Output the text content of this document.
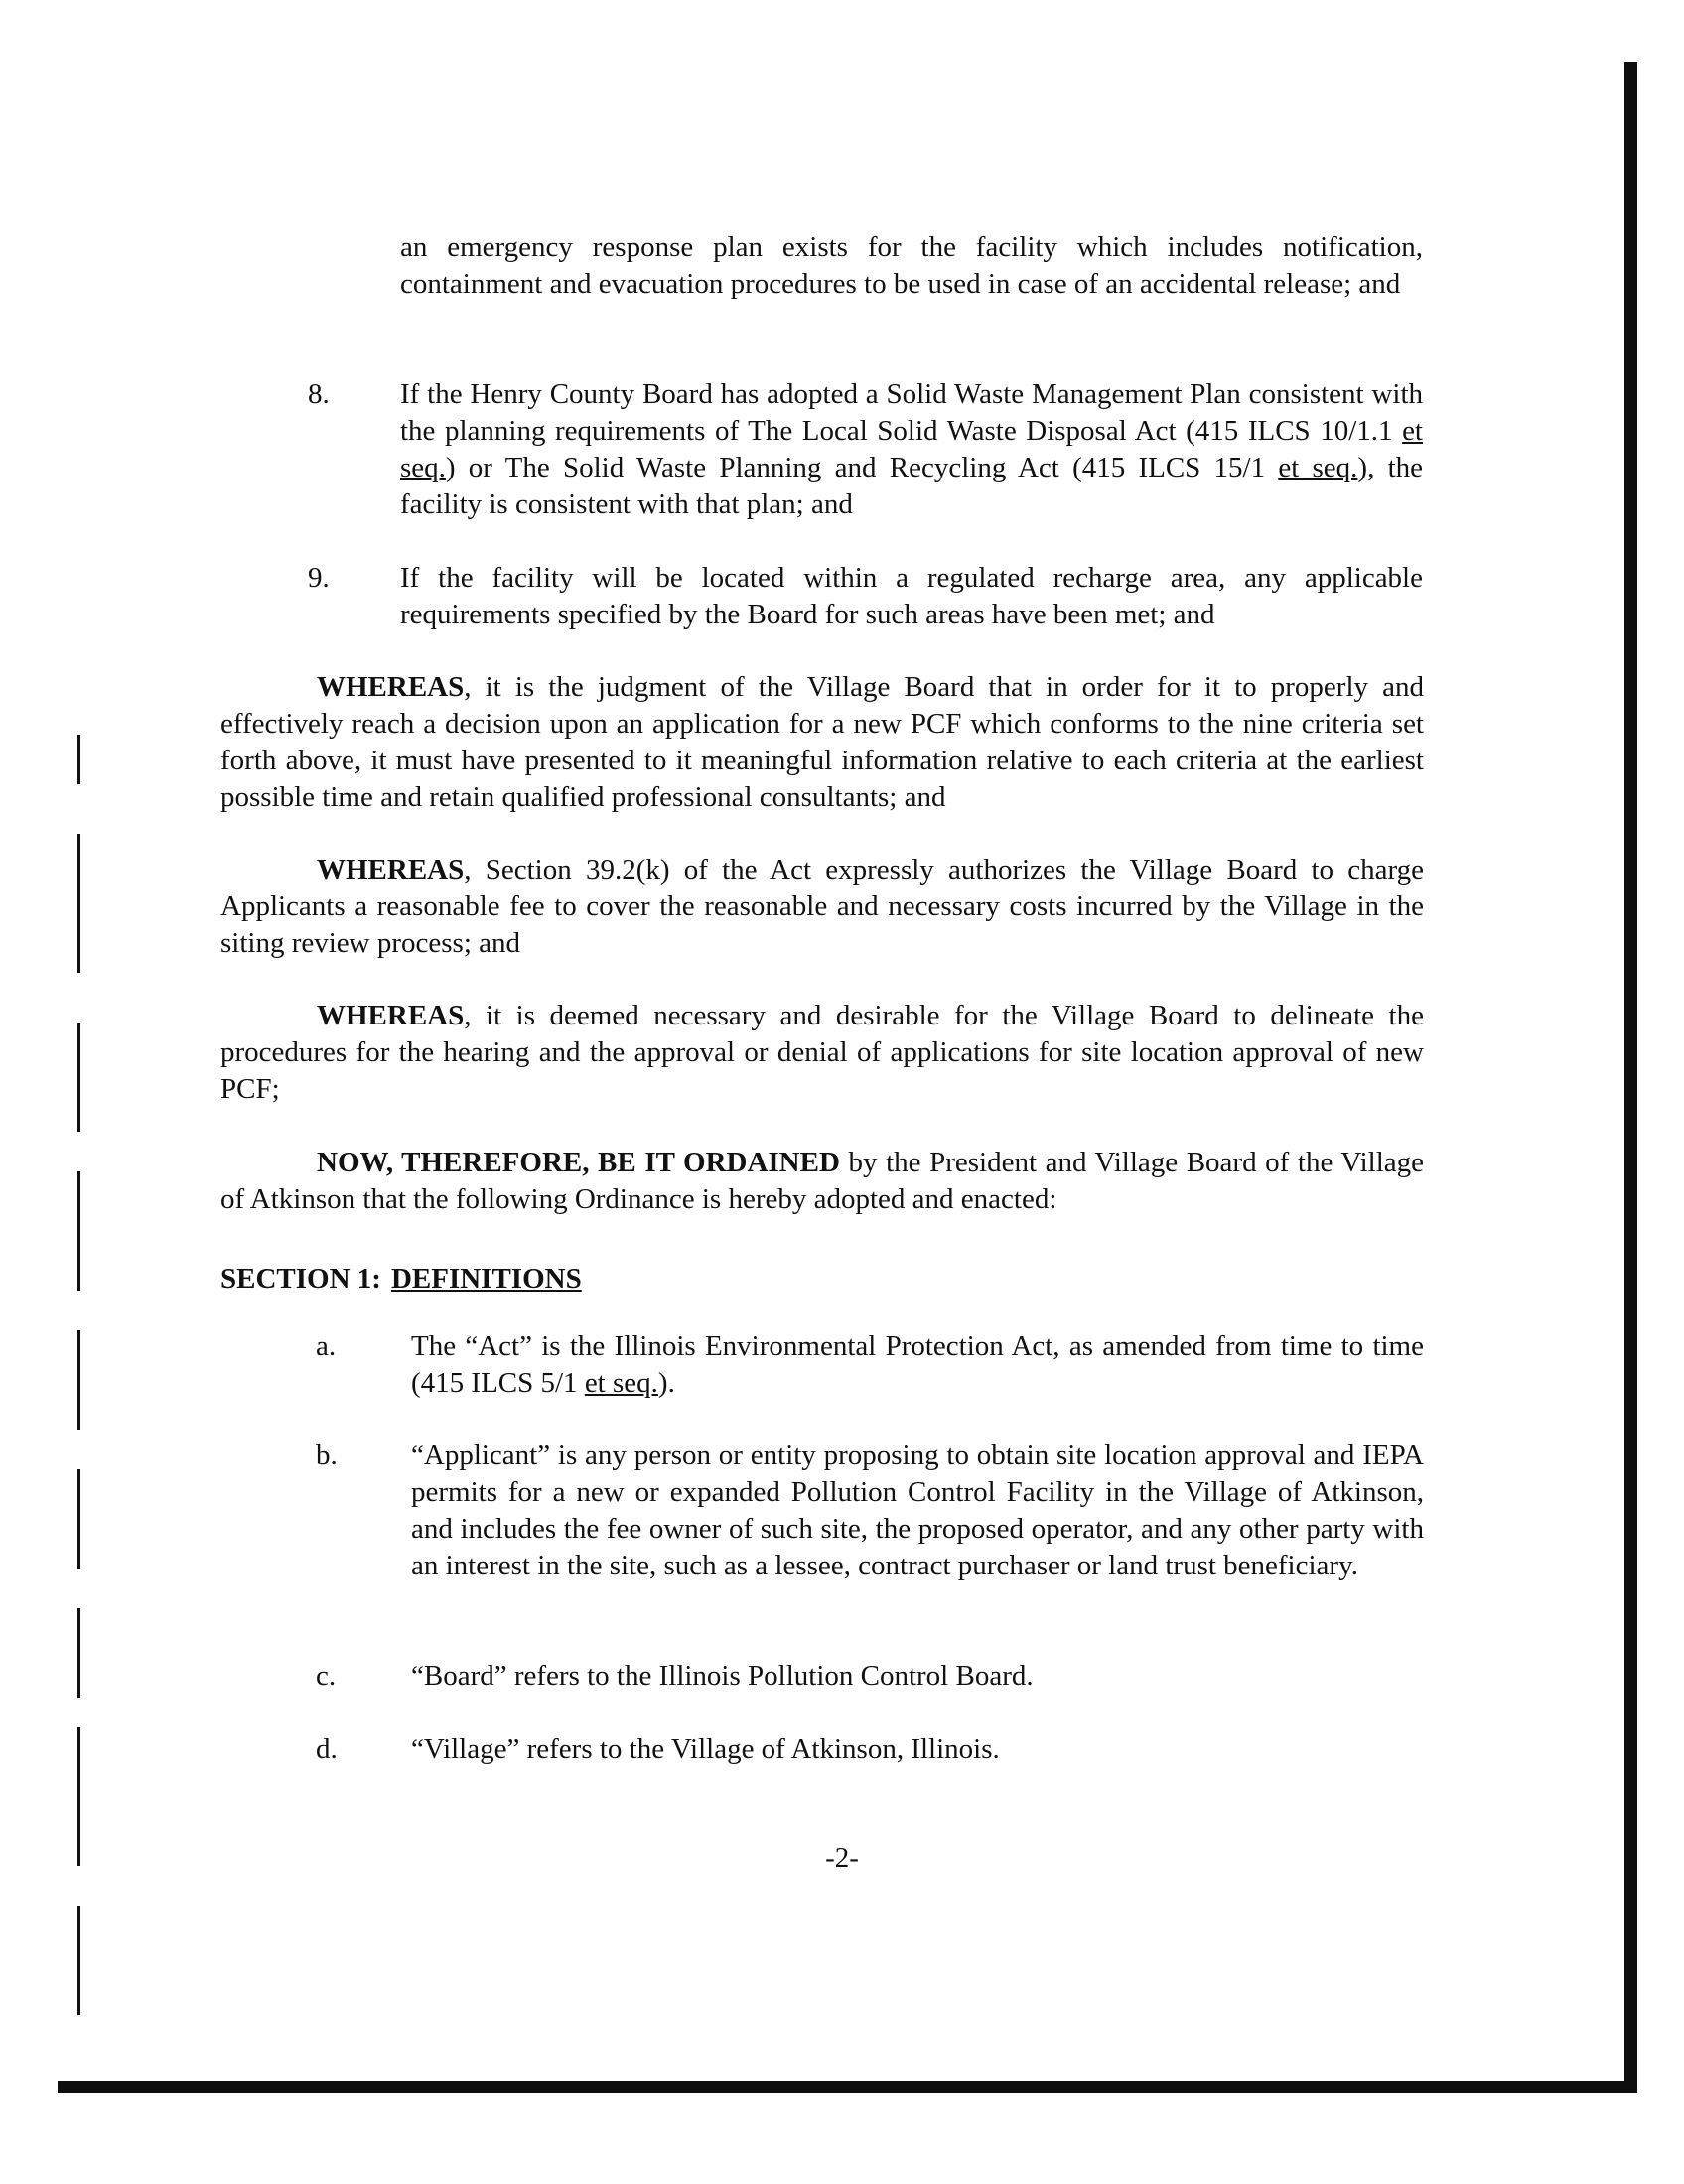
an emergency response plan exists for the facility which includes notification, containment and evacuation procedures to be used in case of an accidental release; and
8. If the Henry County Board has adopted a Solid Waste Management Plan consistent with the planning requirements of The Local Solid Waste Disposal Act (415 ILCS 10/1.1 et seq.) or The Solid Waste Planning and Recycling Act (415 ILCS 15/1 et seq.), the facility is consistent with that plan; and
9. If the facility will be located within a regulated recharge area, any applicable requirements specified by the Board for such areas have been met; and
WHEREAS, it is the judgment of the Village Board that in order for it to properly and effectively reach a decision upon an application for a new PCF which conforms to the nine criteria set forth above, it must have presented to it meaningful information relative to each criteria at the earliest possible time and retain qualified professional consultants; and
WHEREAS, Section 39.2(k) of the Act expressly authorizes the Village Board to charge Applicants a reasonable fee to cover the reasonable and necessary costs incurred by the Village in the siting review process; and
WHEREAS, it is deemed necessary and desirable for the Village Board to delineate the procedures for the hearing and the approval or denial of applications for site location approval of new PCF;
NOW, THEREFORE, BE IT ORDAINED by the President and Village Board of the Village of Atkinson that the following Ordinance is hereby adopted and enacted:
SECTION 1: DEFINITIONS
a.	The “Act” is the Illinois Environmental Protection Act, as amended from time to time (415 ILCS 5/1 et seq.).
b.	“Applicant” is any person or entity proposing to obtain site location approval and IEPA permits for a new or expanded Pollution Control Facility in the Village of Atkinson, and includes the fee owner of such site, the proposed operator, and any other party with an interest in the site, such as a lessee, contract purchaser or land trust beneficiary.
c.	“Board” refers to the Illinois Pollution Control Board.
d.	“Village” refers to the Village of Atkinson, Illinois.
-2-
